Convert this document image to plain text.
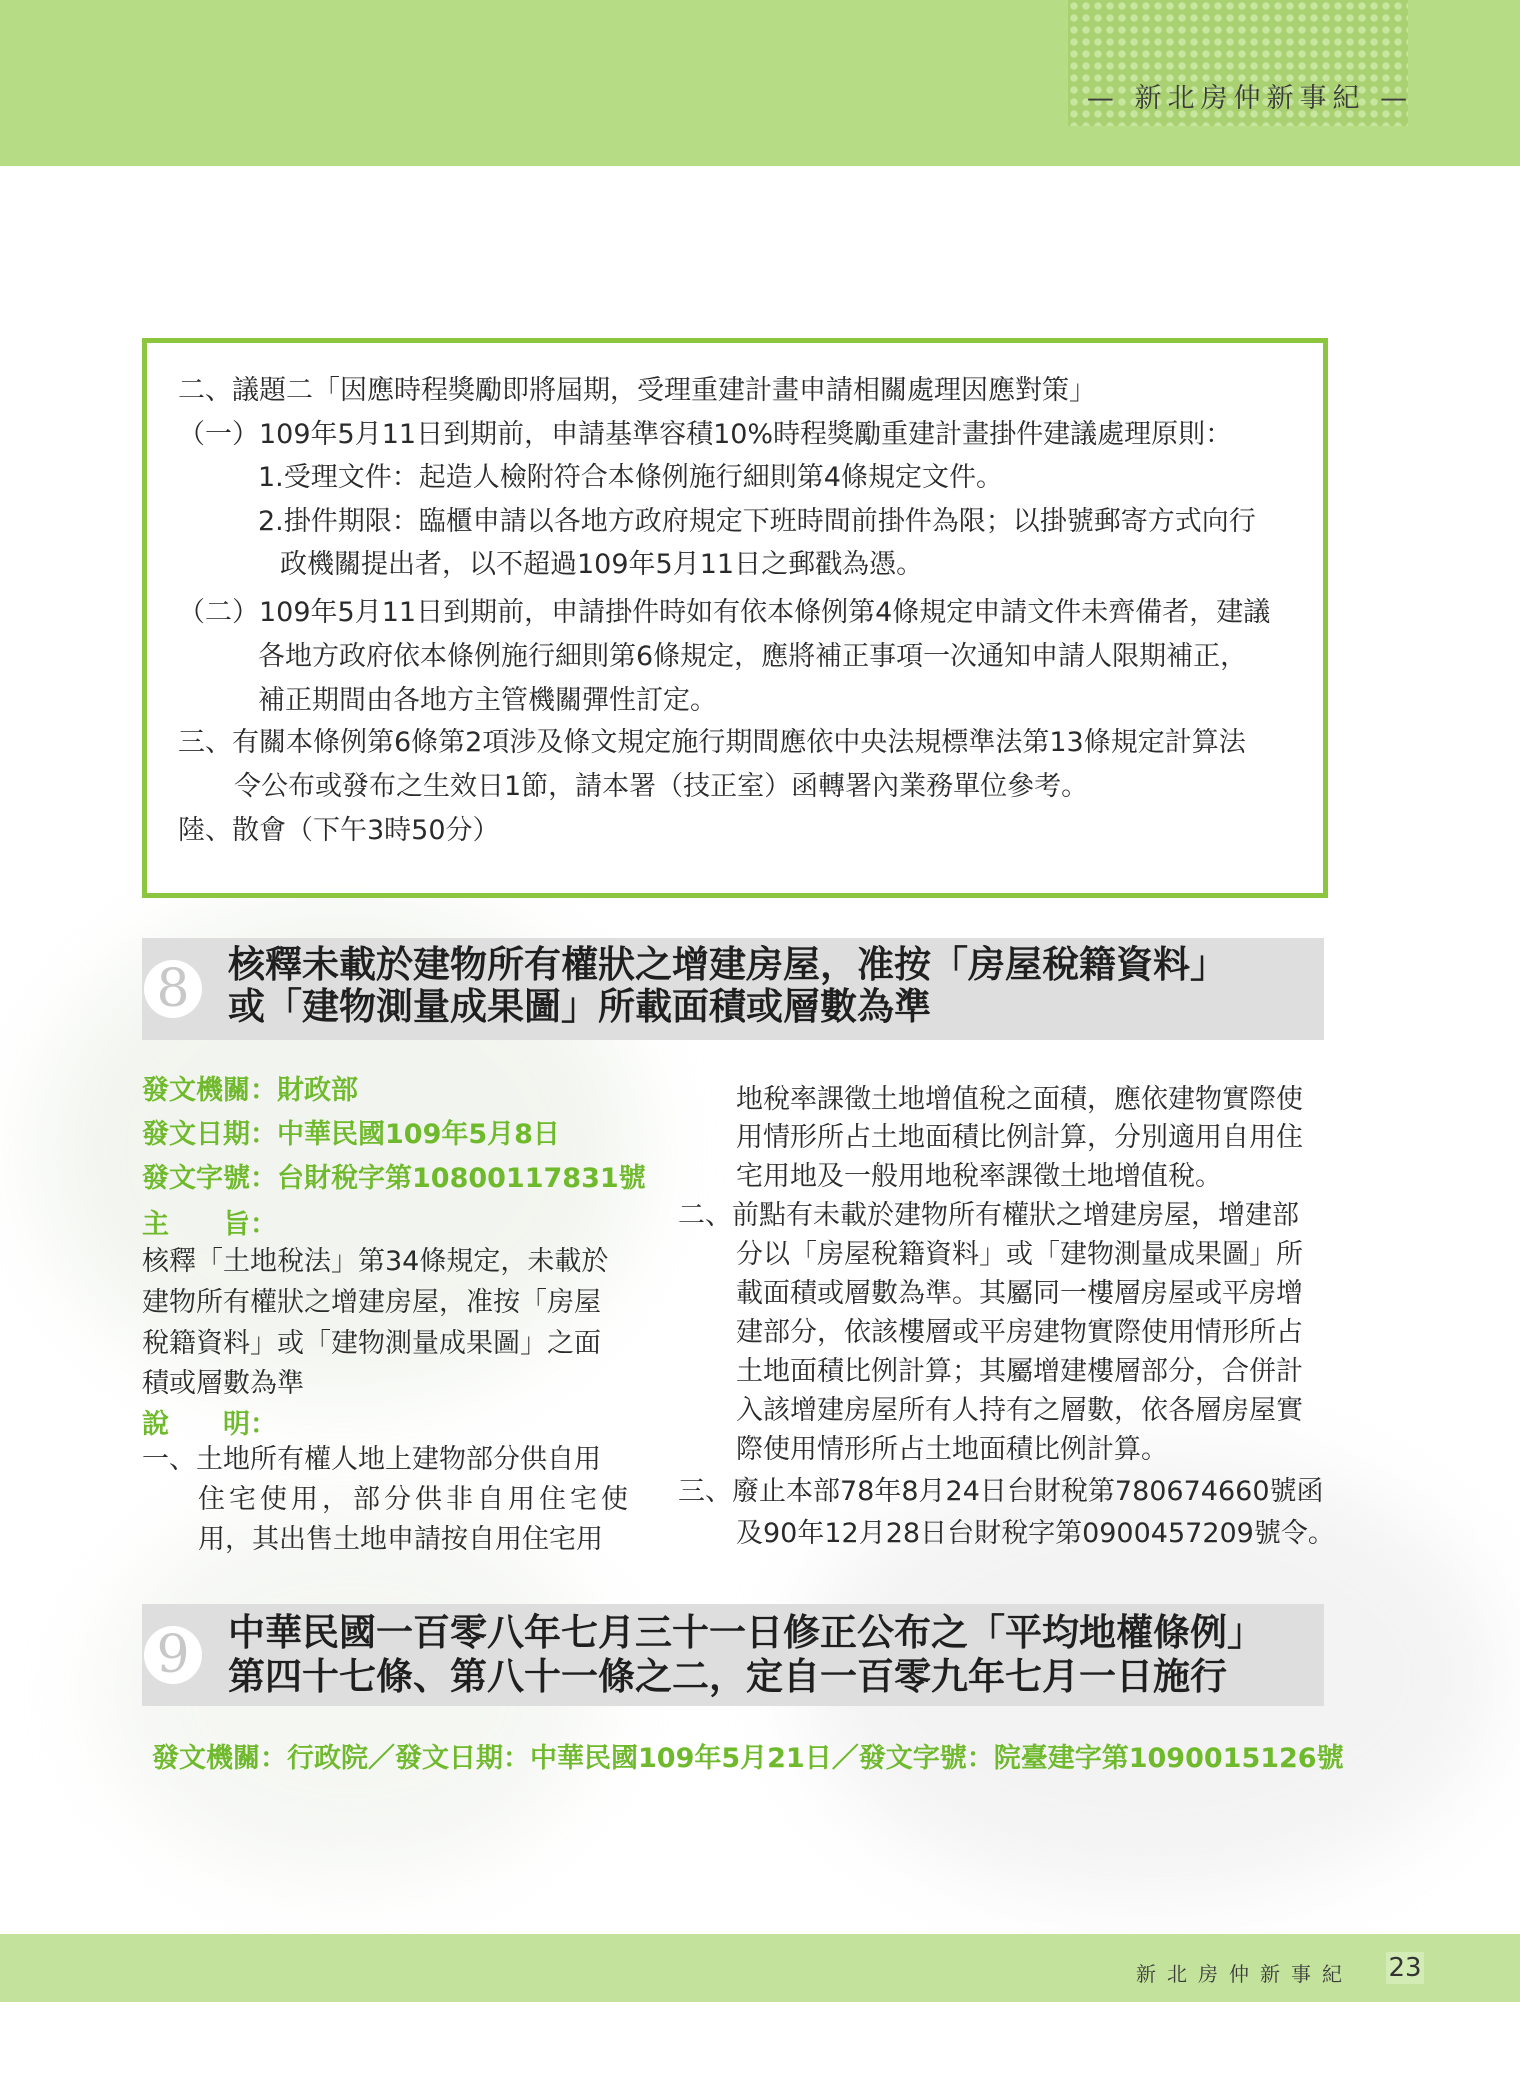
— 新北房仲新事紀 —
二、議題二「因應時程獎勵即將屆期，受理重建計畫申請相關處理因應對策」
（一）109年5月11日到期前，申請基準容積10%時程獎勵重建計畫掛件建議處理原則：
1.受理文件：起造人檢附符合本條例施行細則第4條規定文件。
2.掛件期限：臨櫃申請以各地方政府規定下班時間前掛件為限；以掛號郵寄方式向行
政機關提出者，以不超過109年5月11日之郵戳為憑。
（二）109年5月11日到期前，申請掛件時如有依本條例第4條規定申請文件未齊備者，建議
各地方政府依本條例施行細則第6條規定，應將補正事項一次通知申請人限期補正，
補正期間由各地方主管機關彈性訂定。
三、有關本條例第6條第2項涉及條文規定施行期間應依中央法規標準法第13條規定計算法
令公布或發布之生效日1節，請本署（技正室）函轉署內業務單位參考。
陸、散會（下午3時50分）
8	核釋未載於建物所有權狀之增建房屋，准按「房屋稅籍資料」
或「建物測量成果圖」所載面積或層數為準
發文機關：財政部
發文日期：中華民國109年5月8日
發文字號：台財稅字第10800117831號
主　　旨：
核釋「土地稅法」第34條規定，未載於
建物所有權狀之增建房屋，准按「房屋
稅籍資料」或「建物測量成果圖」之面
積或層數為準
說　　明：
一、土地所有權人地上建物部分供自用
住宅使用，部分供非自用住宅使
用，其出售土地申請按自用住宅用
地稅率課徵土地增值稅之面積，應依建物實際使
用情形所占土地面積比例計算，分別適用自用住
宅用地及一般用地稅率課徵土地增值稅。
二、前點有未載於建物所有權狀之增建房屋，增建部
分以「房屋稅籍資料」或「建物測量成果圖」所
載面積或層數為準。其屬同一樓層房屋或平房增
建部分，依該樓層或平房建物實際使用情形所占
土地面積比例計算；其屬增建樓層部分，合併計
入該增建房屋所有人持有之層數，依各層房屋實
際使用情形所占土地面積比例計算。
三、廢止本部78年8月24日台財稅第780674660號函
及90年12月28日台財稅字第0900457209號令。
9	中華民國一百零八年七月三十一日修正公布之「平均地權條例」
第四十七條、第八十一條之二，定自一百零九年七月一日施行
發文機關：行政院／發文日期：中華民國109年5月21日／發文字號：院臺建字第1090015126號
新北房仲新事紀 23
